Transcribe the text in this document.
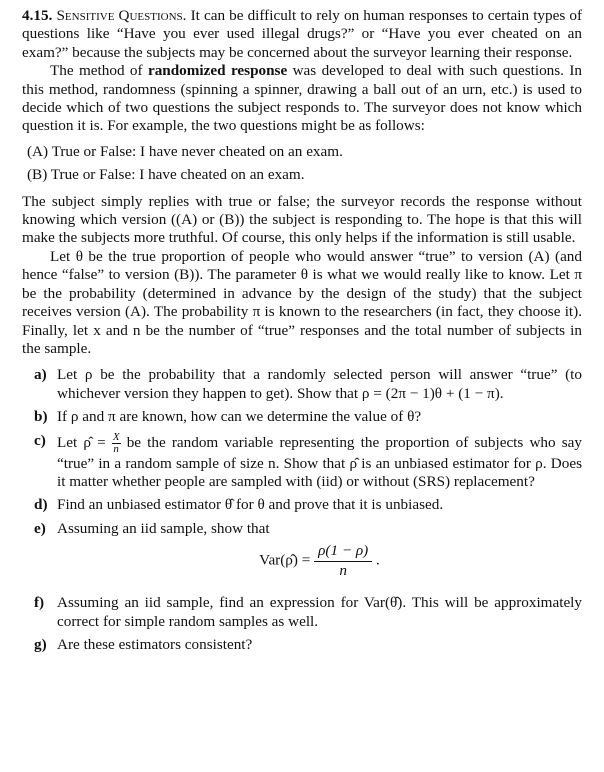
4.15. Sensitive Questions. It can be difficult to rely on human responses to certain types of questions like “Have you ever used illegal drugs?” or “Have you ever cheated on an exam?” because the subjects may be concerned about the surveyor learning their response.

The method of randomized response was developed to deal with such questions. In this method, randomness (spinning a spinner, drawing a ball out of an urn, etc.) is used to decide which of two questions the subject responds to. The surveyor does not know which question it is. For example, the two questions might be as follows:

(A) True or False: I have never cheated on an exam.
(B) True or False: I have cheated on an exam.

The subject simply replies with true or false; the surveyor records the response without knowing which version ((A) or (B)) the subject is responding to. The hope is that this will make the subjects more truthful. Of course, this only helps if the information is still usable.

Let θ be the true proportion of people who would answer “true” to version (A) (and hence “false” to version (B)). The parameter θ is what we would really like to know. Let π be the probability (determined in advance by the design of the study) that the subject receives version (A). The probability π is known to the researchers (in fact, they choose it). Finally, let x and n be the number of “true” responses and the total number of subjects in the sample.

a) Let ρ be the probability that a randomly selected person will answer “true” (to whichever version they happen to get). Show that ρ = (2π − 1)θ + (1 − π).
b) If ρ and π are known, how can we determine the value of θ?
c) Let ρ̂ = $\frac{X}{n}$ be the random variable representing the proportion of subjects who say “true” in a random sample of size n. Show that ρ̂ is an unbiased estimator for ρ. Does it matter whether people are sampled with (iid) or without (SRS) replacement?
d) Find an unbiased estimator θ̂ for θ and prove that it is unbiased.
e) Assuming an iid sample, show that
Var(ρ̂) = $\frac{\rho(1 - \rho)}{n}$ .
f) Assuming an iid sample, find an expression for Var(θ̂). This will be approximately correct for simple random samples as well.
g) Are these estimators consistent?
